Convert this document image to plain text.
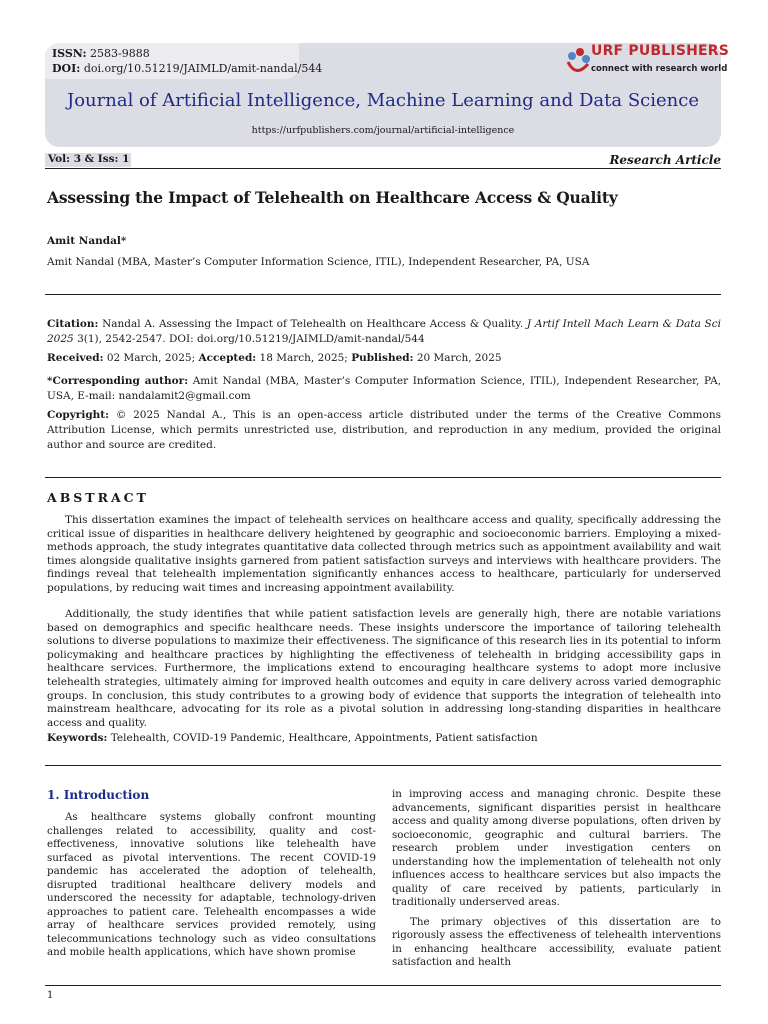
ISSN: 2583-9888
DOI: doi.org/10.51219/JAIMLD/amit-nandal/544
URF PUBLISHERS
connect with research world
Journal of Artificial Intelligence, Machine Learning and Data Science
https://urfpublishers.com/journal/artificial-intelligence
Vol: 3 & Iss: 1	Research Article
Assessing the Impact of Telehealth on Healthcare Access & Quality
Amit Nandal*
Amit Nandal (MBA, Master’s Computer Information Science, ITIL), Independent Researcher, PA, USA
Citation: Nandal A. Assessing the Impact of Telehealth on Healthcare Access & Quality. J Artif Intell Mach Learn & Data Sci 2025 3(1), 2542-2547. DOI: doi.org/10.51219/JAIMLD/amit-nandal/544
Received: 02 March, 2025; Accepted: 18 March, 2025; Published: 20 March, 2025
*Corresponding author: Amit Nandal (MBA, Master’s Computer Information Science, ITIL), Independent Researcher, PA, USA, E-mail: nandalamit2@gmail.com
Copyright: © 2025 Nandal A., This is an open-access article distributed under the terms of the Creative Commons Attribution License, which permits unrestricted use, distribution, and reproduction in any medium, provided the original author and source are credited.
ABSTRACT
This dissertation examines the impact of telehealth services on healthcare access and quality, specifically addressing the critical issue of disparities in healthcare delivery heightened by geographic and socioeconomic barriers. Employing a mixed-methods approach, the study integrates quantitative data collected through metrics such as appointment availability and wait times alongside qualitative insights garnered from patient satisfaction surveys and interviews with healthcare providers. The findings reveal that telehealth implementation significantly enhances access to healthcare, particularly for underserved populations, by reducing wait times and increasing appointment availability.
Additionally, the study identifies that while patient satisfaction levels are generally high, there are notable variations based on demographics and specific healthcare needs. These insights underscore the importance of tailoring telehealth solutions to diverse populations to maximize their effectiveness. The significance of this research lies in its potential to inform policymaking and healthcare practices by highlighting the effectiveness of telehealth in bridging accessibility gaps in healthcare services. Furthermore, the implications extend to encouraging healthcare systems to adopt more inclusive telehealth strategies, ultimately aiming for improved health outcomes and equity in care delivery across varied demographic groups. In conclusion, this study contributes to a growing body of evidence that supports the integration of telehealth into mainstream healthcare, advocating for its role as a pivotal solution in addressing long-standing disparities in healthcare access and quality.
Keywords: Telehealth, COVID-19 Pandemic, Healthcare, Appointments, Patient satisfaction
1. Introduction

As healthcare systems globally confront mounting challenges related to accessibility, quality and cost-effectiveness, innovative solutions like telehealth have surfaced as pivotal interventions. The recent COVID-19 pandemic has accelerated the adoption of telehealth, disrupted traditional healthcare delivery models and underscored the necessity for adaptable, technology-driven approaches to patient care. Telehealth encompasses a wide array of healthcare services provided remotely, using telecommunications technology such as video consultations and mobile health applications, which have shown promise

in improving access and managing chronic. Despite these advancements, significant disparities persist in healthcare access and quality among diverse populations, often driven by socioeconomic, geographic and cultural barriers. The research problem under investigation centers on understanding how the implementation of telehealth not only influences access to healthcare services but also impacts the quality of care received by patients, particularly in traditionally underserved areas.

The primary objectives of this dissertation are to rigorously assess the effectiveness of telehealth interventions in enhancing healthcare accessibility, evaluate patient satisfaction and health

1
